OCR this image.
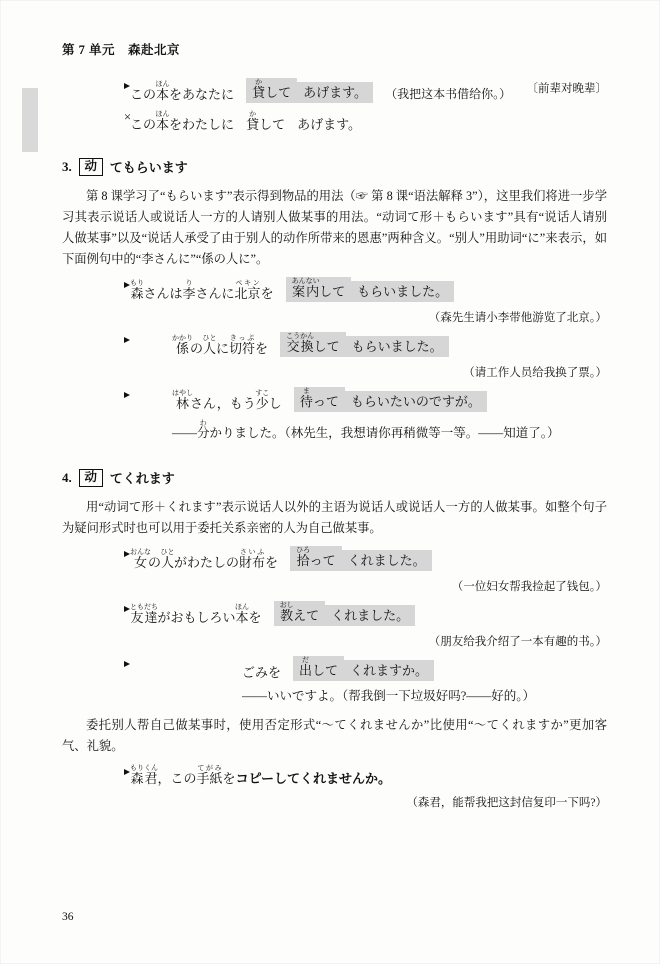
第 7 单元　森赴北京
この本ほんをあなたに	貸かして あげます。	（我把这本书借给你。） 〔前辈对晚辈〕
×
この本ほんをわたしに 貸かして あげます。
3.	动 てもらいます

第 8 课学习了“もらいます”表示得到物品的用法（☞ 第 8 课“语法解释 3”），这里我们将进一步学习其表示说话人或说话人一方的人请别人做某事的用法。“动词て形＋もらいます”具有“说话人请别人做某事”以及“说话人承受了由于别人的动作所带来的恩惠”两种含义。“别人”用助词“に”来表示，如下面例句中的“李さんに”“係の人に”。

森もりさんは李りさんに北京ペキンを	案内あんないして もらいました。

（森先生请小李带他游览了北京。）

係かかりの人ひとに切符きっぷを	交換こうかんして もらいました。

（请工作人员给我换了票。）

林はやしさん，もう少すこし	待まって もらいたいのですが。
——分わかりました。（林先生，我想请你再稍微等一等。——知道了。）
4.	动 てくれます

用“动词て形＋くれます”表示说话人以外的主语为说话人或说话人一方的人做某事。如整个句子为疑问形式时也可以用于委托关系亲密的人为自己做某事。

女おんなの人ひとがわたしの財布さいふを	拾ひろって くれました。

（一位妇女帮我捡起了钱包。）

友達ともだちがおもしろい本ほんを	教おしえて くれました。

（朋友给我介绍了一本有趣的书。）

ごみを	出だして くれますか。
——いいですよ。（帮我倒一下垃圾好吗?——好的。）

委托别人帮自己做某事时，使用否定形式“～てくれませんか”比使用“～てくれますか”更加客气、礼貌。

森君もりくん，この手紙てがみを コピーしてくれませんか。

（森君，能帮我把这封信复印一下吗?）

36
